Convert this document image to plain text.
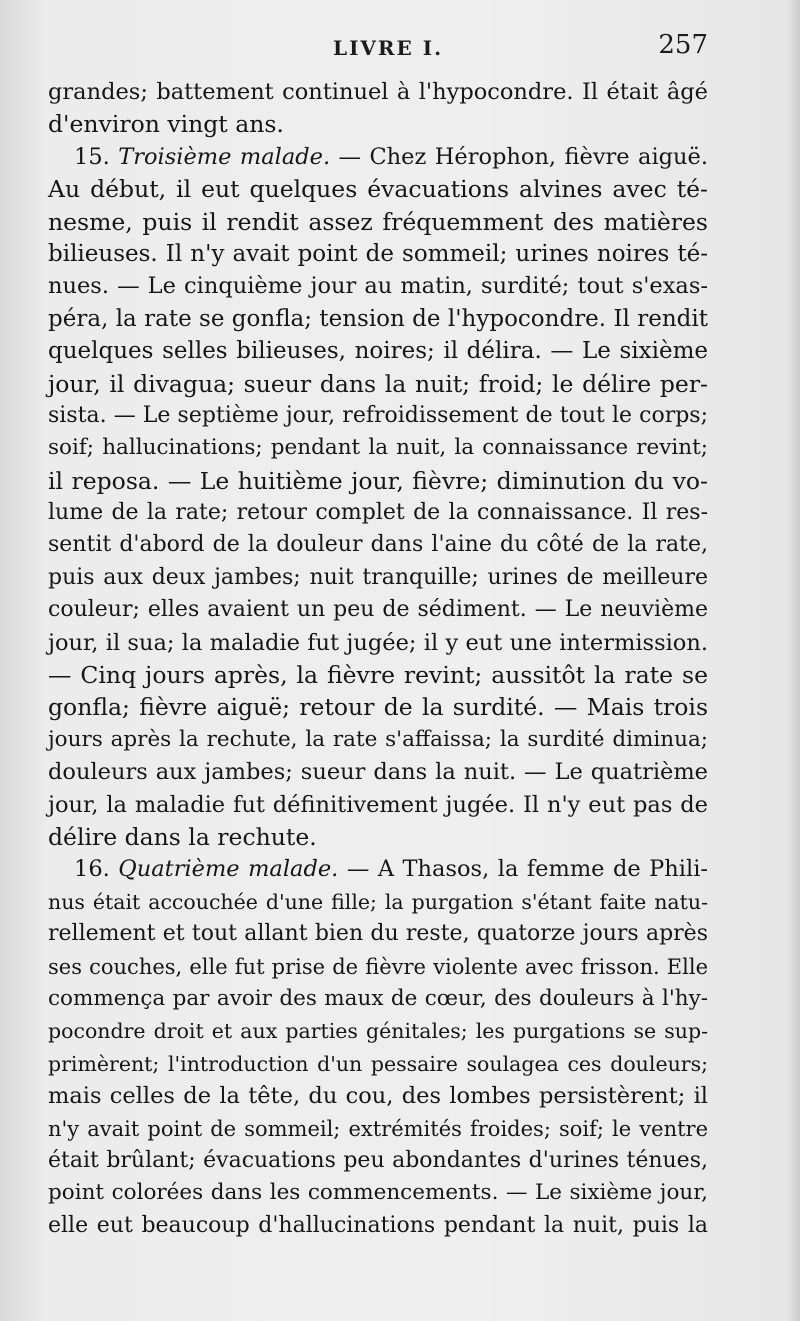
LIVRE I.	257
grandes; battement continuel à l'hypocondre. Il était âgé
d'environ vingt ans.
15. Troisième malade. — Chez Hérophon, fièvre aiguë.
Au début, il eut quelques évacuations alvines avec té-
nesme, puis il rendit assez fréquemment des matières
bilieuses. Il n'y avait point de sommeil; urines noires té-
nues. — Le cinquième jour au matin, surdité; tout s'exas-
péra, la rate se gonfla; tension de l'hypocondre. Il rendit
quelques selles bilieuses, noires; il délira. — Le sixième
jour, il divagua; sueur dans la nuit; froid; le délire per-
sista. — Le septième jour, refroidissement de tout le corps;
soif; hallucinations; pendant la nuit, la connaissance revint;
il reposa. — Le huitième jour, fièvre; diminution du vo-
lume de la rate; retour complet de la connaissance. Il res-
sentit d'abord de la douleur dans l'aine du côté de la rate,
puis aux deux jambes; nuit tranquille; urines de meilleure
couleur; elles avaient un peu de sédiment. — Le neuvième
jour, il sua; la maladie fut jugée; il y eut une intermission.
— Cinq jours après, la fièvre revint; aussitôt la rate se
gonfla; fièvre aiguë; retour de la surdité. — Mais trois
jours après la rechute, la rate s'affaissa; la surdité diminua;
douleurs aux jambes; sueur dans la nuit. — Le quatrième
jour, la maladie fut définitivement jugée. Il n'y eut pas de
délire dans la rechute.
16. Quatrième malade. — A Thasos, la femme de Phili-
nus était accouchée d'une fille; la purgation s'étant faite natu-
rellement et tout allant bien du reste, quatorze jours après
ses couches, elle fut prise de fièvre violente avec frisson. Elle
commença par avoir des maux de cœur, des douleurs à l'hy-
pocondre droit et aux parties génitales; les purgations se sup-
primèrent; l'introduction d'un pessaire soulagea ces douleurs;
mais celles de la tête, du cou, des lombes persistèrent; il
n'y avait point de sommeil; extrémités froides; soif; le ventre
était brûlant; évacuations peu abondantes d'urines ténues,
point colorées dans les commencements. — Le sixième jour,
elle eut beaucoup d'hallucinations pendant la nuit, puis la
